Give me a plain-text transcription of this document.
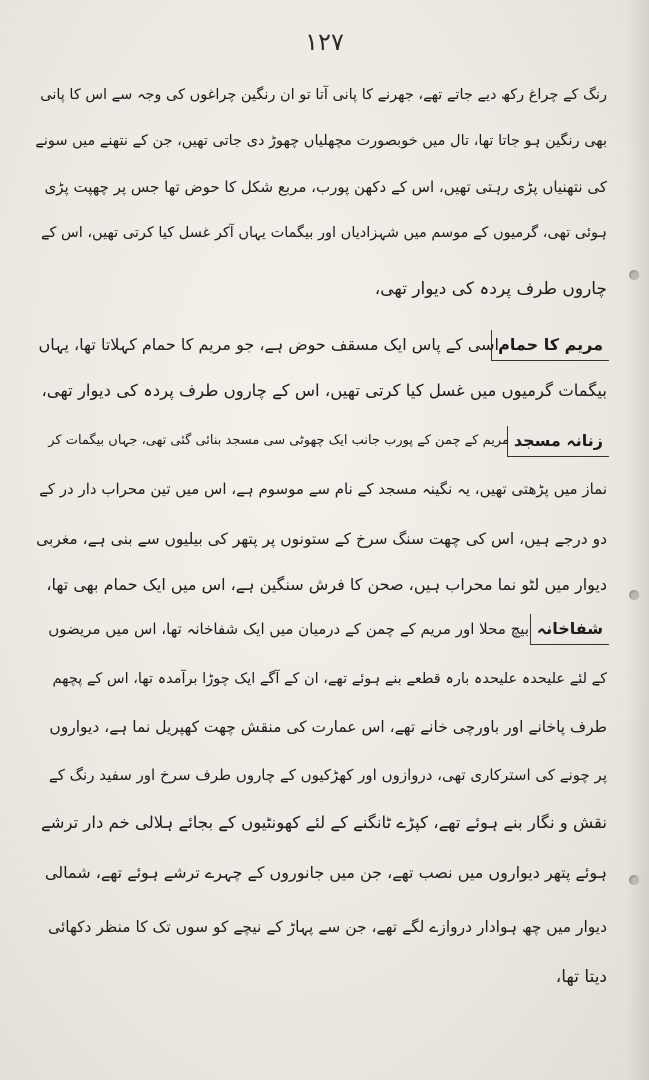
۱۲۷
رنگ کے چراغ رکھ دیے جاتے تھے، جھرنے کا پانی آتا تو ان رنگین چراغوں کی وجہ سے اس کا پانی
بھی رنگین ہو جاتا تھا، تال میں خوبصورت مچھلیاں چھوڑ دی جاتی تھیں، جن کے نتھنے میں سونے
کی نتھنیاں پڑی رہتی تھیں، اس کے دکھن پورب، مربع شکل کا حوض تھا جس پر چھپت پڑی
ہوئی تھی، گرمیوں کے موسم میں شہزادیاں اور بیگمات یہاں آکر غسل کیا کرتی تھیں، اس کے
چاروں طرف پردہ کی دیوار تھی،
مریم کا حمام
اسی کے پاس ایک مسقف حوض ہے، جو مریم کا حمام کہلاتا تھا، یہاں
بیگمات گرمیوں میں غسل کیا کرتی تھیں، اس کے چاروں طرف پردہ کی دیوار تھی،
زنانہ مسجد
مریم کے چمن کے پورب جانب ایک چھوٹی سی مسجد بنائی گئی تھی، جہاں بیگمات کر
نماز میں پڑھتی تھیں، یہ نگینہ مسجد کے نام سے موسوم ہے، اس میں تین محراب دار در کے
دو درجے ہیں، اس کی چھت سنگ سرخ کے ستونوں پر پتھر کی بیلیوں سے بنی ہے، مغربی
دیوار میں لٹو نما محراب ہیں، صحن کا فرش سنگین ہے، اس میں ایک حمام بھی تھا،
شفاخانہ
بیچ محلا اور مریم کے چمن کے درمیان میں ایک شفاخانہ تھا، اس میں مریضوں
کے لئے علیحدہ علیحدہ بارہ قطعے بنے ہوئے تھے، ان کے آگے ایک چوڑا برآمدہ تھا، اس کے پچھم
طرف پاخانے اور باورچی خانے تھے، اس عمارت کی منقش چھت کھپریل نما ہے، دیواروں
پر چونے کی استرکاری تھی، دروازوں اور کھڑکیوں کے چاروں طرف سرخ اور سفید رنگ کے
نقش و نگار بنے ہوئے تھے، کپڑے ٹانگنے کے لئے کھونٹیوں کے بجائے ہلالی خم دار ترشے
ہوئے پتھر دیواروں میں نصب تھے، جن میں جانوروں کے چہرے ترشے ہوئے تھے، شمالی
دیوار میں چھ ہوادار دروازے لگے تھے، جن سے پہاڑ کے نیچے کو سوں تک کا منظر دکھائی
دیتا تھا،
